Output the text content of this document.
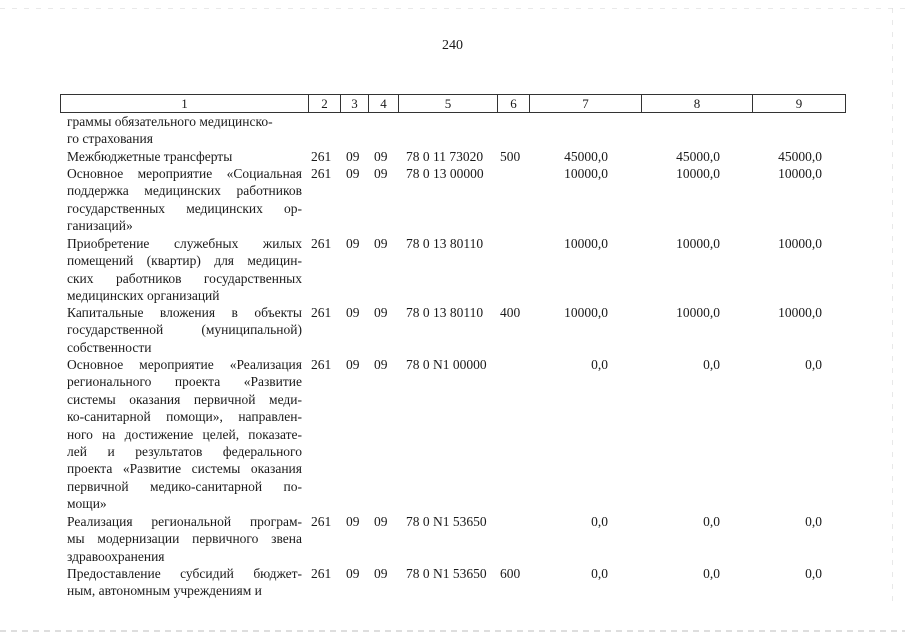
240
1	2	3	4	5	6	7	8	9
граммы обязательного медицинско-
го страхования
Межбюджетные трансферты	261 09 09 78 0 11 73020 500	45000,0	45000,0	45000,0
Основное мероприятие «Социальная
поддержка медицинских работников
государственных медицинских ор-
ганизаций»
261 09 09 78 0 13 00000	10000,0	10000,0	10000,0
Приобретение служебных жилых
помещений (квартир) для медицин-
ских работников государственных
медицинских организаций
261 09 09 78 0 13 80110	10000,0	10000,0	10000,0
Капитальные вложения в объекты
государственной (муниципальной)
собственности
261 09 09 78 0 13 80110 400	10000,0	10000,0	10000,0
Основное мероприятие «Реализация
регионального проекта «Развитие
системы оказания первичной меди-
ко-санитарной помощи», направлен-
ного на достижение целей, показате-
лей и результатов федерального
проекта «Развитие системы оказания
первичной медико-санитарной по-
мощи»
261 09 09 78 0 N1 00000	0,0	0,0	0,0
Реализация региональной програм-
мы модернизации первичного звена
здравоохранения
261 09 09 78 0 N1 53650	0,0	0,0	0,0
Предоставление субсидий бюджет-
ным, автономным учреждениям и
261 09 09 78 0 N1 53650 600	0,0	0,0	0,0
